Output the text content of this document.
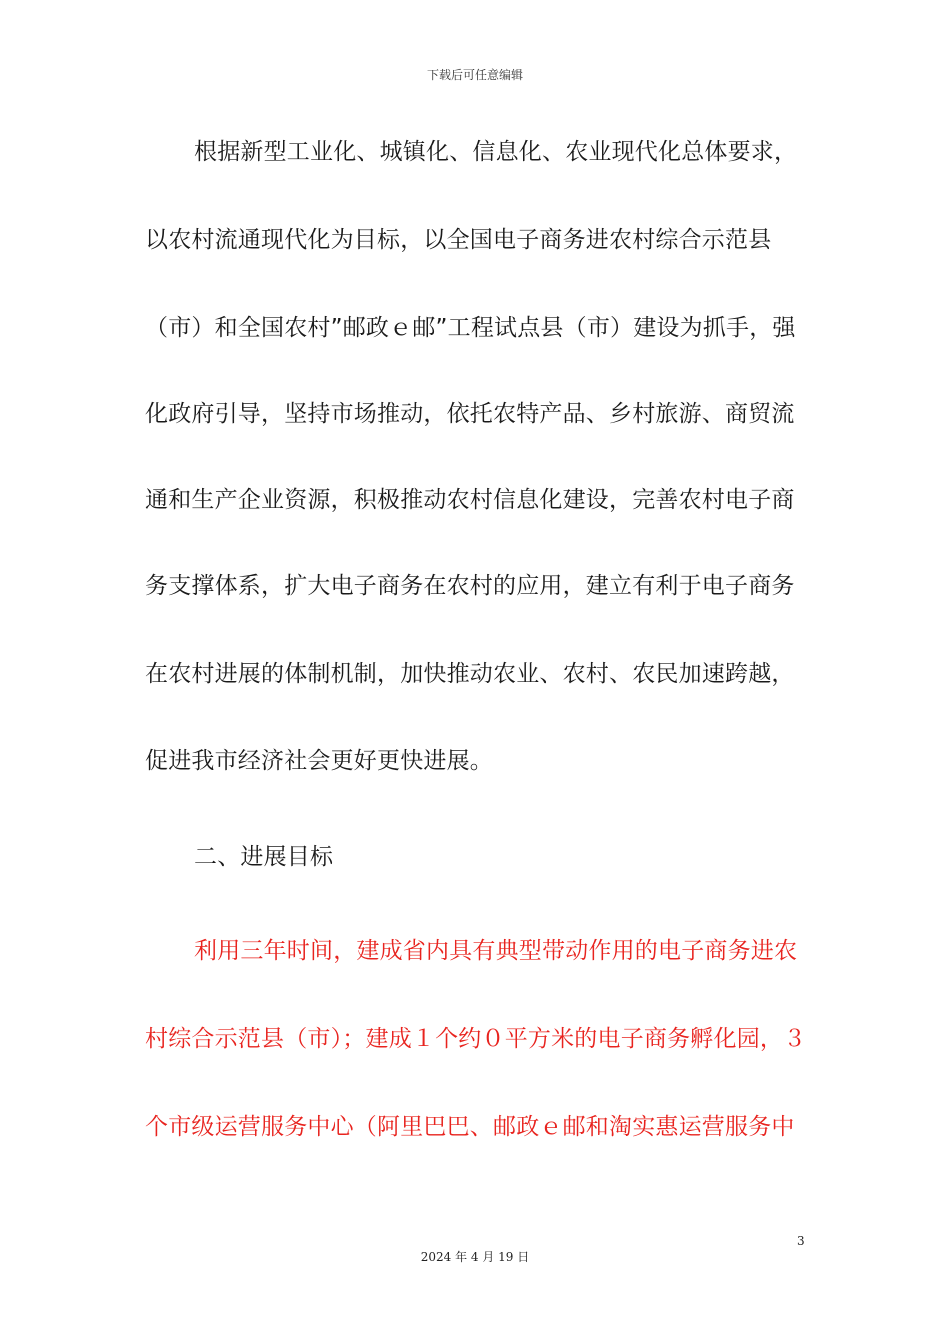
下载后可任意编辑
根据新型工业化、城镇化、信息化、农业现代化总体要求，
以农村流通现代化为目标，以全国电子商务进农村综合示范县
（市）和全国农村”邮政ｅ邮”工程试点县（市）建设为抓手，强
化政府引导，坚持市场推动，依托农特产品、乡村旅游、商贸流
通和生产企业资源，积极推动农村信息化建设，完善农村电子商
务支撑体系，扩大电子商务在农村的应用，建立有利于电子商务
在农村进展的体制机制，加快推动农业、农村、农民加速跨越，
促进我市经济社会更好更快进展。
二、进展目标
利用三年时间，建成省内具有典型带动作用的电子商务进农
村综合示范县（市）；建成１个约０平方米的电子商务孵化园，３
个市级运营服务中心（阿里巴巴、邮政ｅ邮和淘实惠运营服务中
3
2024 年 4 月 19 日
